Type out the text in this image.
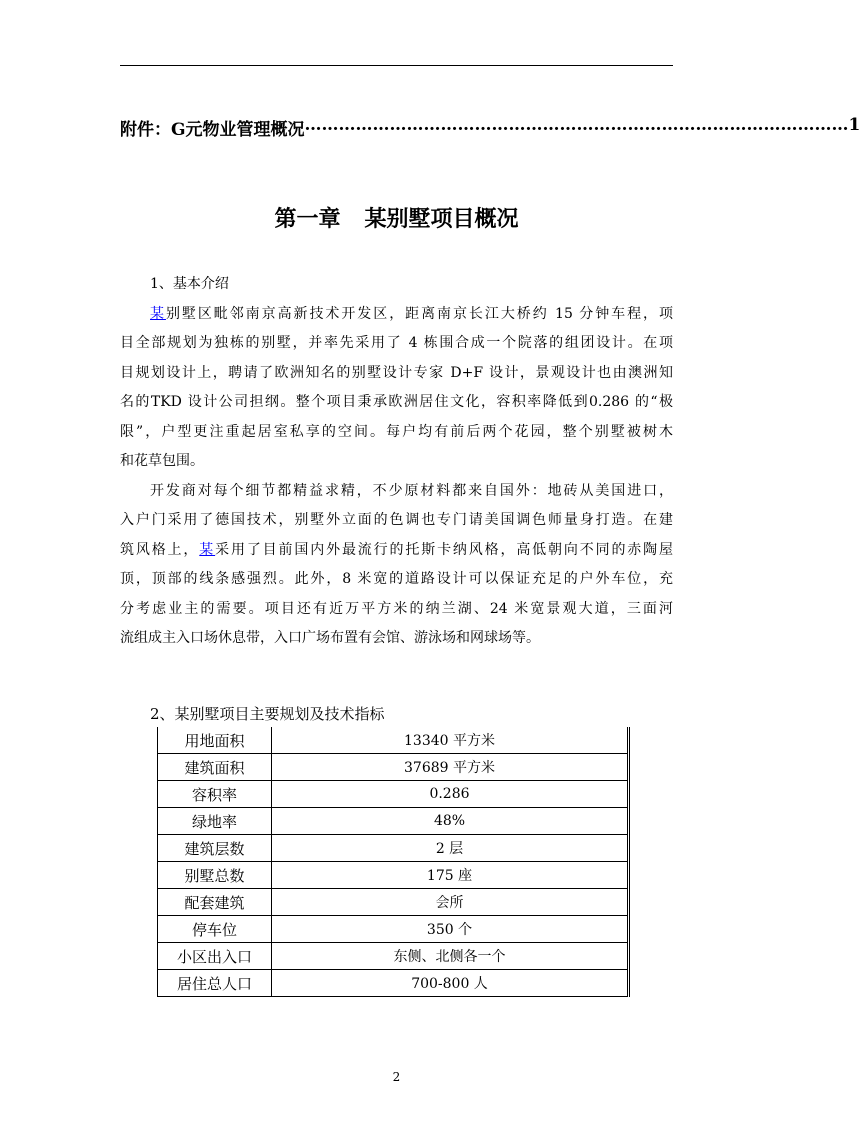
附件：G元物业管理概况 …………………………………………………………………………………… 1
第一章 某别墅项目概况
1、基本介绍
某别墅区毗邻南京高新技术开发区，距离南京长江大桥约 15 分钟车程，项
目全部规划为独栋的别墅，并率先采用了 4 栋围合成一个院落的组团设计。在项
目规划设计上，聘请了欧洲知名的别墅设计专家 D+F 设计，景观设计也由澳洲知
名的TKD 设计公司担纲。整个项目秉承欧洲居住文化，容积率降低到0.286 的“极
限”，户型更注重起居室私享的空间。每户均有前后两个花园，整个别墅被树木
和花草包围。
开发商对每个细节都精益求精，不少原材料都来自国外：地砖从美国进口，
入户门采用了德国技术，别墅外立面的色调也专门请美国调色师量身打造。在建
筑风格上，某采用了目前国内外最流行的托斯卡纳风格，高低朝向不同的赤陶屋
顶，顶部的线条感强烈。此外，8 米宽的道路设计可以保证充足的户外车位，充
分考虑业主的需要。项目还有近万平方米的纳兰湖、24 米宽景观大道，三面河
流组成主入口场休息带，入口广场布置有会馆、游泳场和网球场等。
2、某别墅项目主要规划及技术指标
用地面积	13340 平方米
建筑面积	37689 平方米
容积率	0.286
绿地率	48%
建筑层数	2 层
别墅总数	175 座
配套建筑	会所
停车位	350 个
小区出入口	东侧、北侧各一个
居住总人口	700-800 人
2
